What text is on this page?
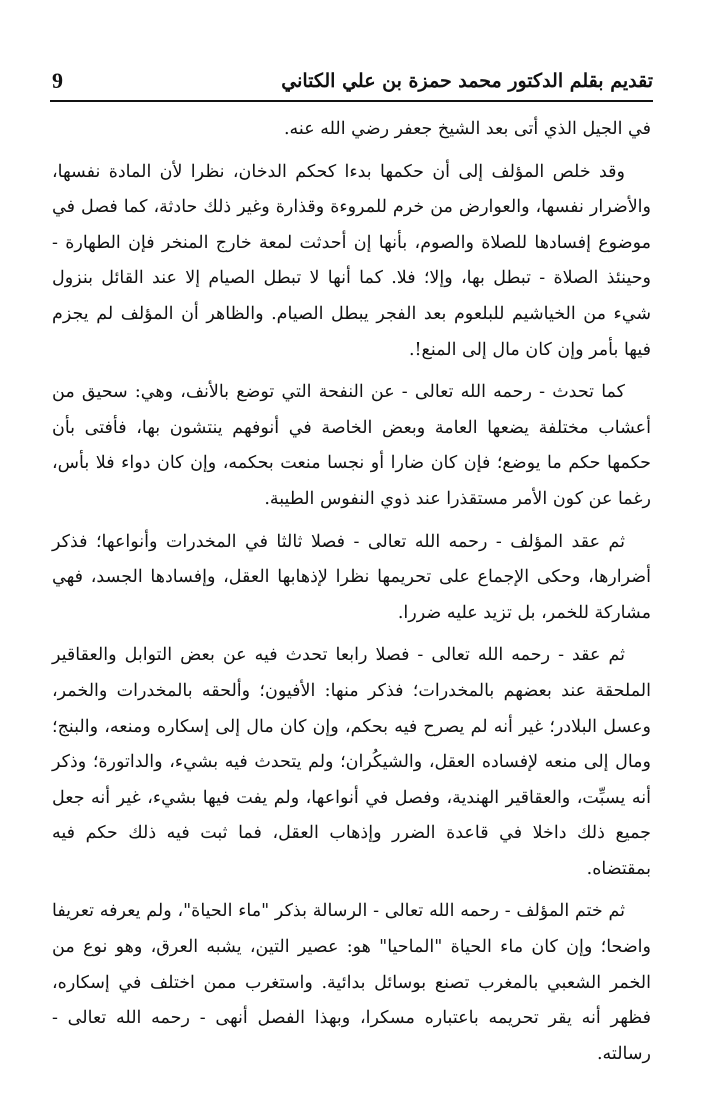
تقديم بقلم الدكتور محمد حمزة بن علي الكتاني
9

في الجيل الذي أتى بعد الشيخ جعفر رضي الله عنه.

وقد خلص المؤلف إلى أن حكمها بدءا كحكم الدخان، نظرا لأن المادة نفسها، والأضرار نفسها، والعوارض من خرم للمروءة وقذارة وغير ذلك حادثة، كما فصل في موضوع إفسادها للصلاة والصوم، بأنها إن أحدثت لمعة خارج المنخر فإن الطهارة - وحينئذ الصلاة - تبطل بها، وإلا؛ فلا. كما أنها لا تبطل الصيام إلا عند القائل بنزول شيء من الخياشيم للبلعوم بعد الفجر يبطل الصيام. والظاهر أن المؤلف لم يجزم فيها بأمر وإن كان مال إلى المنع!.

كما تحدث - رحمه الله تعالى - عن النفحة التي توضع بالأنف، وهي: سحيق من أعشاب مختلفة يضعها العامة وبعض الخاصة في أنوفهم ينتشون بها، فأفتى بأن حكمها حكم ما يوضع؛ فإن كان ضارا أو نجسا منعت بحكمه، وإن كان دواء فلا بأس، رغما عن كون الأمر مستقذرا عند ذوي النفوس الطيبة.

ثم عقد المؤلف - رحمه الله تعالى - فصلا ثالثا في المخدرات وأنواعها؛ فذكر أضرارها، وحكى الإجماع على تحريمها نظرا لإذهابها العقل، وإفسادها الجسد، فهي مشاركة للخمر، بل تزيد عليه ضررا.

ثم عقد - رحمه الله تعالى - فصلا رابعا تحدث فيه عن بعض التوابل والعقاقير الملحقة عند بعضهم بالمخدرات؛ فذكر منها: الأفيون؛ وألحقه بالمخدرات والخمر، وعسل البلادر؛ غير أنه لم يصرح فيه بحكم، وإن كان مال إلى إسكاره ومنعه، والبنج؛ ومال إلى منعه لإفساده العقل، والشيكُران؛ ولم يتحدث فيه بشيء، والداتورة؛ وذكر أنه يسبِّت، والعقاقير الهندية، وفصل في أنواعها، ولم يفت فيها بشيء، غير أنه جعل جميع ذلك داخلا في قاعدة الضرر وإذهاب العقل، فما ثبت فيه ذلك حكم فيه بمقتضاه.

ثم ختم المؤلف - رحمه الله تعالى - الرسالة بذكر "ماء الحياة"، ولم يعرفه تعريفا واضحا؛ وإن كان ماء الحياة "الماحيا" هو: عصير التين، يشبه العرق، وهو نوع من الخمر الشعبي بالمغرب تصنع بوسائل بدائية. واستغرب ممن اختلف في إسكاره، فظهر أنه يقر تحريمه باعتباره مسكرا، وبهذا الفصل أنهى - رحمه الله تعالى - رسالته.
